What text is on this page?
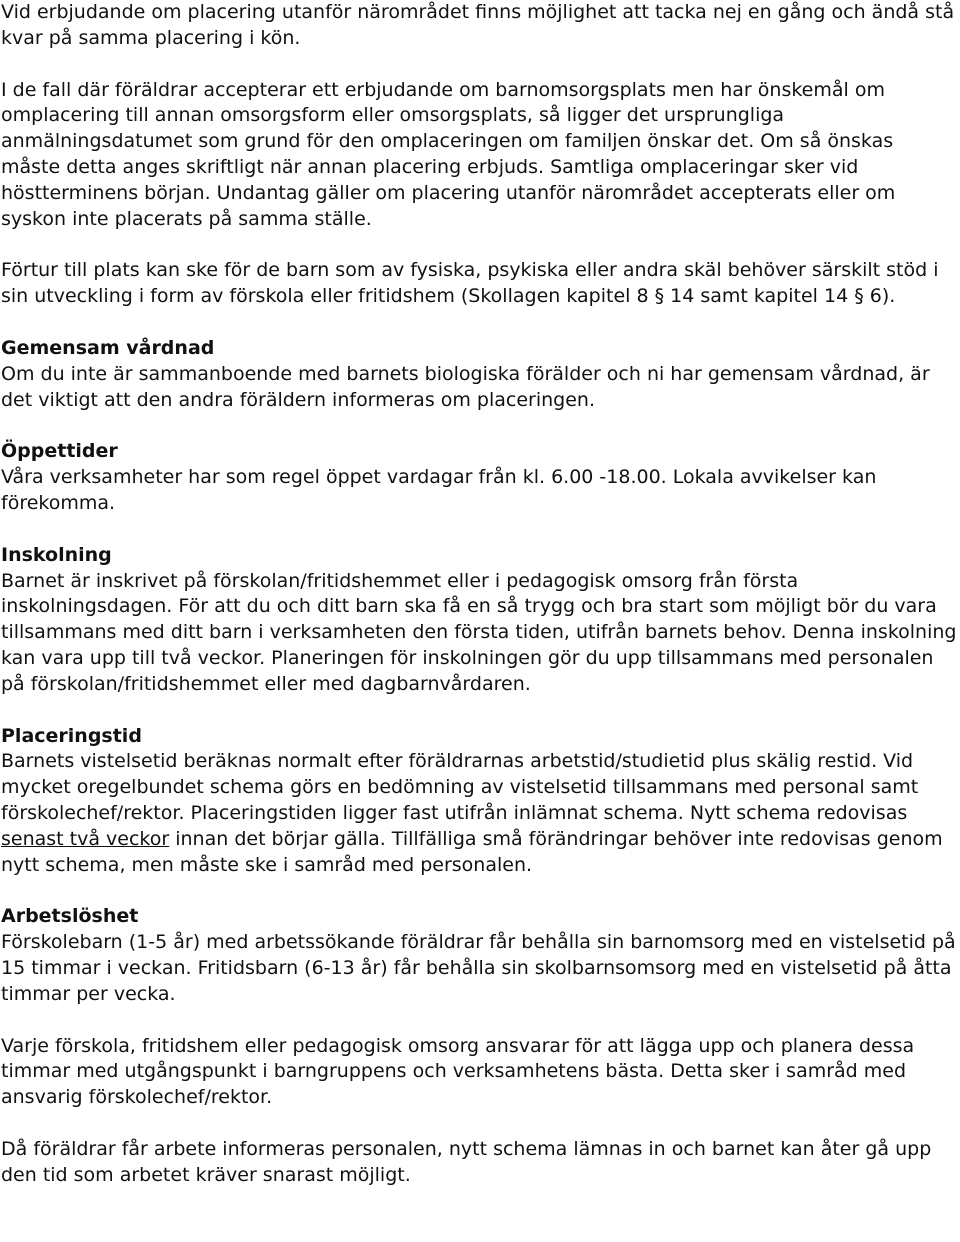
Vid erbjudande om placering utanför närområdet finns möjlighet att tacka nej en gång och ändå stå kvar på samma placering i kön.

I de fall där föräldrar accepterar ett erbjudande om barnomsorgsplats men har önskemål om omplacering till annan omsorgsform eller omsorgsplats, så ligger det ursprungliga anmälningsdatumet som grund för den omplaceringen om familjen önskar det. Om så önskas måste detta anges skriftligt när annan placering erbjuds. Samtliga omplaceringar sker vid höstterminens början. Undantag gäller om placering utanför närområdet accepterats eller om syskon inte placerats på samma ställe.

Förtur till plats kan ske för de barn som av fysiska, psykiska eller andra skäl behöver särskilt stöd i sin utveckling i form av förskola eller fritidshem (Skollagen kapitel 8 § 14 samt kapitel 14 § 6).

Gemensam vårdnad

Om du inte är sammanboende med barnets biologiska förälder och ni har gemensam vårdnad, är det viktigt att den andra föräldern informeras om placeringen.

Öppettider

Våra verksamheter har som regel öppet vardagar från kl. 6.00 -18.00. Lokala avvikelser kan förekomma.

Inskolning

Barnet är inskrivet på förskolan/fritidshemmet eller i pedagogisk omsorg från första inskolningsdagen. För att du och ditt barn ska få en så trygg och bra start som möjligt bör du vara tillsammans med ditt barn i verksamheten den första tiden, utifrån barnets behov. Denna inskolning kan vara upp till två veckor. Planeringen för inskolningen gör du upp tillsammans med personalen på förskolan/fritidshemmet eller med dagbarnvårdaren.

Placeringstid

Barnets vistelsetid beräknas normalt efter föräldrarnas arbetstid/studietid plus skälig restid. Vid mycket oregelbundet schema görs en bedömning av vistelsetid tillsammans med personal samt förskolechef/rektor. Placeringstiden ligger fast utifrån inlämnat schema. Nytt schema redovisas senast två veckor innan det börjar gälla. Tillfälliga små förändringar behöver inte redovisas genom nytt schema, men måste ske i samråd med personalen.

Arbetslöshet

Förskolebarn (1-5 år) med arbetssökande föräldrar får behålla sin barnomsorg med en vistelsetid på 15 timmar i veckan. Fritidsbarn (6-13 år) får behålla sin skolbarnsomsorg med en vistelsetid på åtta timmar per vecka.

Varje förskola, fritidshem eller pedagogisk omsorg ansvarar för att lägga upp och planera dessa timmar med utgångspunkt i barngruppens och verksamhetens bästa. Detta sker i samråd med ansvarig förskolechef/rektor.

Då föräldrar får arbete informeras personalen, nytt schema lämnas in och barnet kan åter gå upp den tid som arbetet kräver snarast möjligt.
